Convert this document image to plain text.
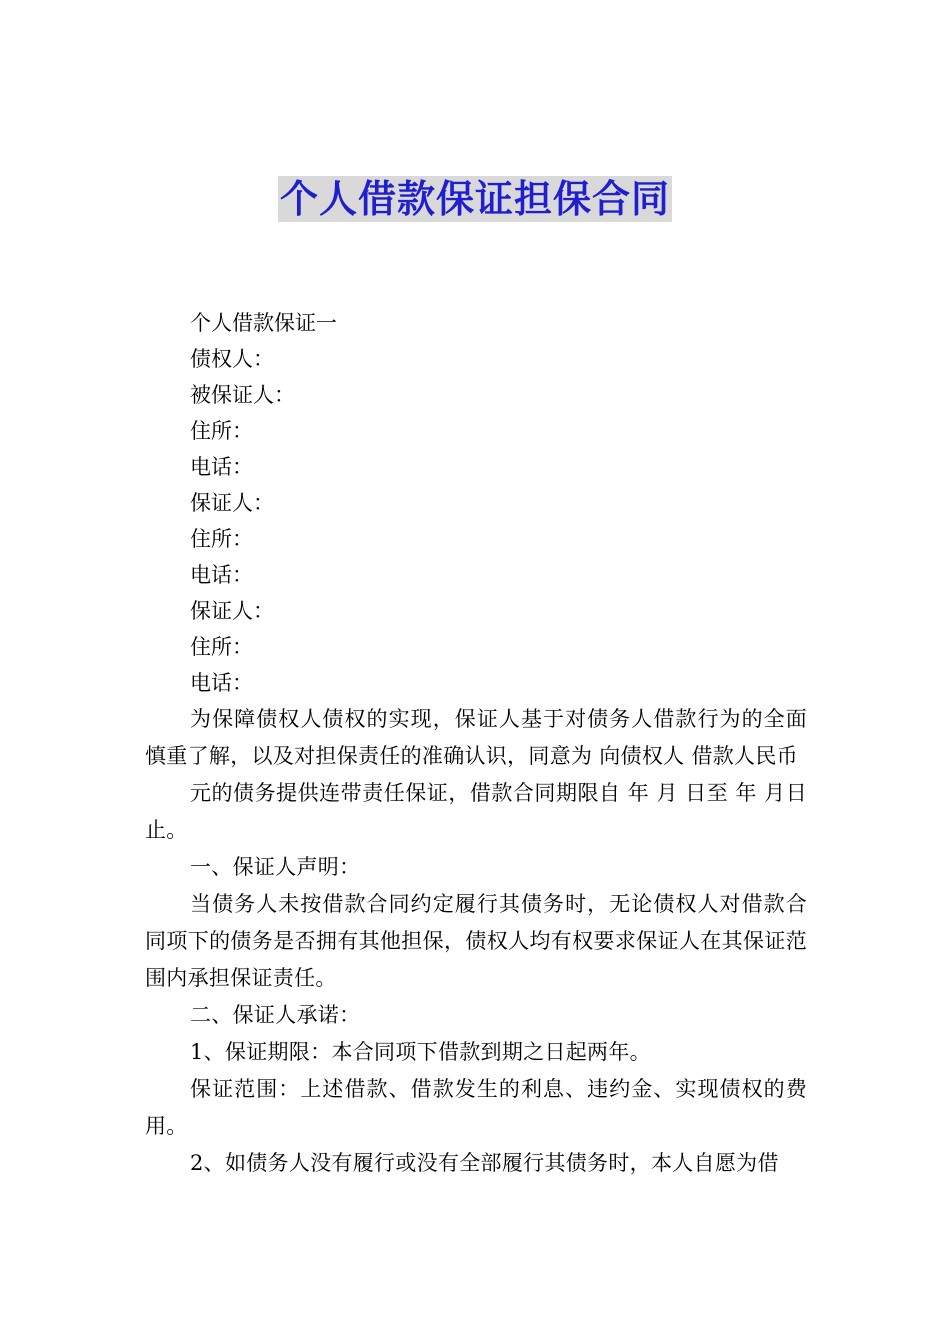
个人借款保证担保合同

个人借款保证一

债权人：

被保证人：

住所：

电话：

保证人：

住所：

电话：

保证人：

住所：

电话：

为保障债权人债权的实现，保证人基于对债务人借款行为的全面慎重了解，以及对担保责任的准确认识，同意为 向债权人 借款人民币

元的债务提供连带责任保证，借款合同期限自 年 月 日至 年 月日止。

一、保证人声明：

当债务人未按借款合同约定履行其债务时，无论债权人对借款合同项下的债务是否拥有其他担保，债权人均有权要求保证人在其保证范围内承担保证责任。

二、保证人承诺：

1、保证期限：本合同项下借款到期之日起两年。

保证范围：上述借款、借款发生的利息、违约金、实现债权的费用。

2、如债务人没有履行或没有全部履行其债务时，本人自愿为借
